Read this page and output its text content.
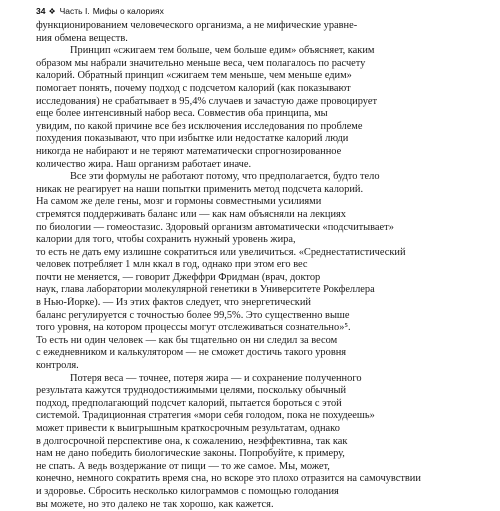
34 ❖ Часть I. Мифы о калориях

функционированием человеческого организма, а не мифические уравне-
ния обмена веществ.

Принцип «сжигаем тем больше, чем больше едим» объясняет, каким
образом мы набрали значительно меньше веса, чем полагалось по расчету
калорий. Обратный принцип «сжигаем тем меньше, чем меньше едим»
помогает понять, почему подход с подсчетом калорий (как показывают
исследования) не срабатывает в 95,4% случаев и зачастую даже провоцирует
еще более интенсивный набор веса. Совместив оба принципа, мы
увидим, по какой причине все без исключения исследования по проблеме
похудения показывают, что при избытке или недостатке калорий люди
никогда не набирают и не теряют математически спрогнозированное
количество жира. Наш организм работает иначе.

Все эти формулы не работают потому, что предполагается, будто тело
никак не реагирует на наши попытки применить метод подсчета калорий.
На самом же деле гены, мозг и гормоны совместными усилиями
стремятся поддерживать баланс или — как нам объясняли на лекциях
по биологии — гомеостазис. Здоровый организм автоматически «подсчитывает»
калории для того, чтобы сохранить нужный уровень жира,
то есть не дать ему излишне сократиться или увеличиться. «Среднестатистический
человек потребляет 1 млн ккал в год, однако при этом его вес
почти не меняется, — говорит Джеффри Фридман (врач, доктор
наук, глава лаборатории молекулярной генетики в Университете Рокфеллера
в Нью-Йорке). — Из этих фактов следует, что энергетический
баланс регулируется с точностью более 99,5%. Это существенно выше
того уровня, на котором процессы могут отслеживаться сознательно»⁵.
То есть ни один человек — как бы тщательно он ни следил за весом
с ежедневником и калькулятором — не сможет достичь такого уровня
контроля.

Потеря веса — точнее, потеря жира — и сохранение полученного
результата кажутся труднодостижимыми целями, поскольку обычный
подход, предполагающий подсчет калорий, пытается бороться с этой
системой. Традиционная стратегия «мори себя голодом, пока не похудеешь»
может привести к выигрышным краткосрочным результатам, однако
в долгосрочной перспективе она, к сожалению, неэффективна, так как
нам не дано победить биологические законы. Попробуйте, к примеру,
не спать. А ведь воздержание от пищи — то же самое. Мы, может,
конечно, немного сократить время сна, но вскоре это плохо отразится на самочувствии
и здоровье. Сбросить несколько килограммов с помощью голодания
вы можете, но это далеко не так хорошо, как кажется.
